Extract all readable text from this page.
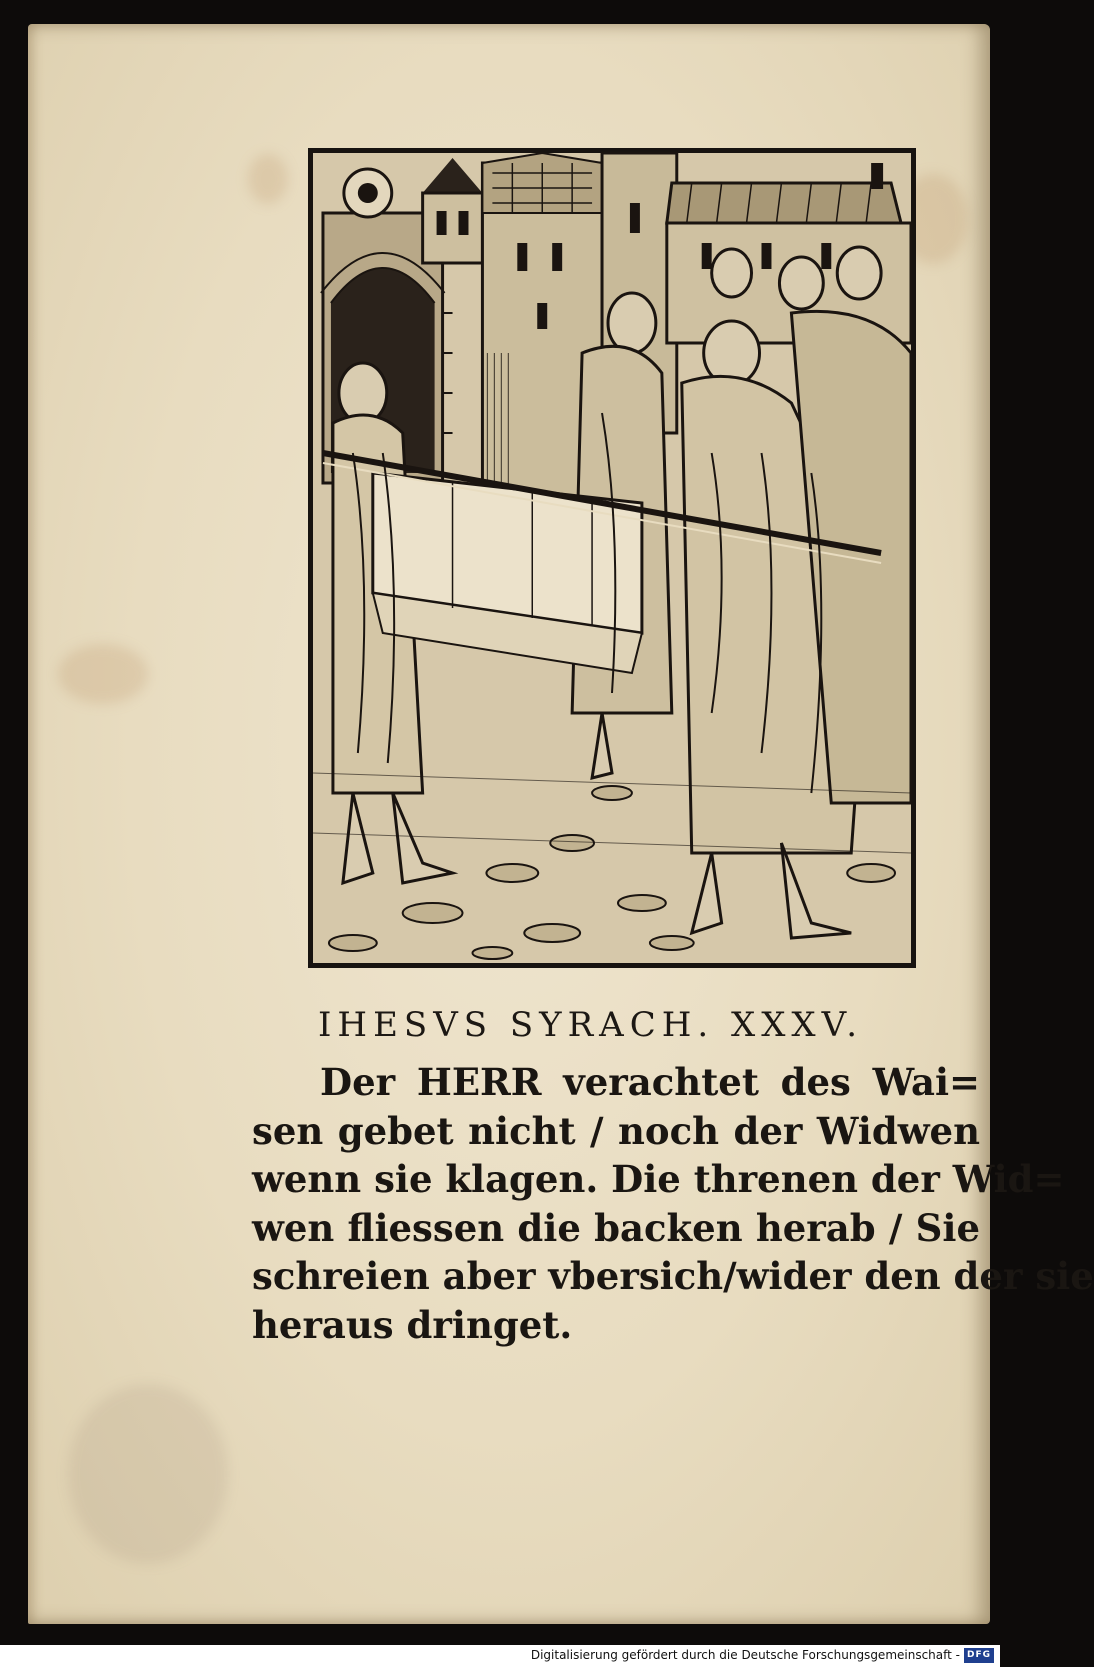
IHESVS SYRACH. XXXV.
Der HERR verachtet des Wai=
sen gebet nicht / noch der Widwen
wenn sie klagen. Die threnen der Wid=
wen fliessen die backen herab / Sie
schreien aber vbersich/wider den der sie
heraus dringet.
Digitalisierung gefördert durch die Deutsche Forschungsgemeinschaft - DFG
